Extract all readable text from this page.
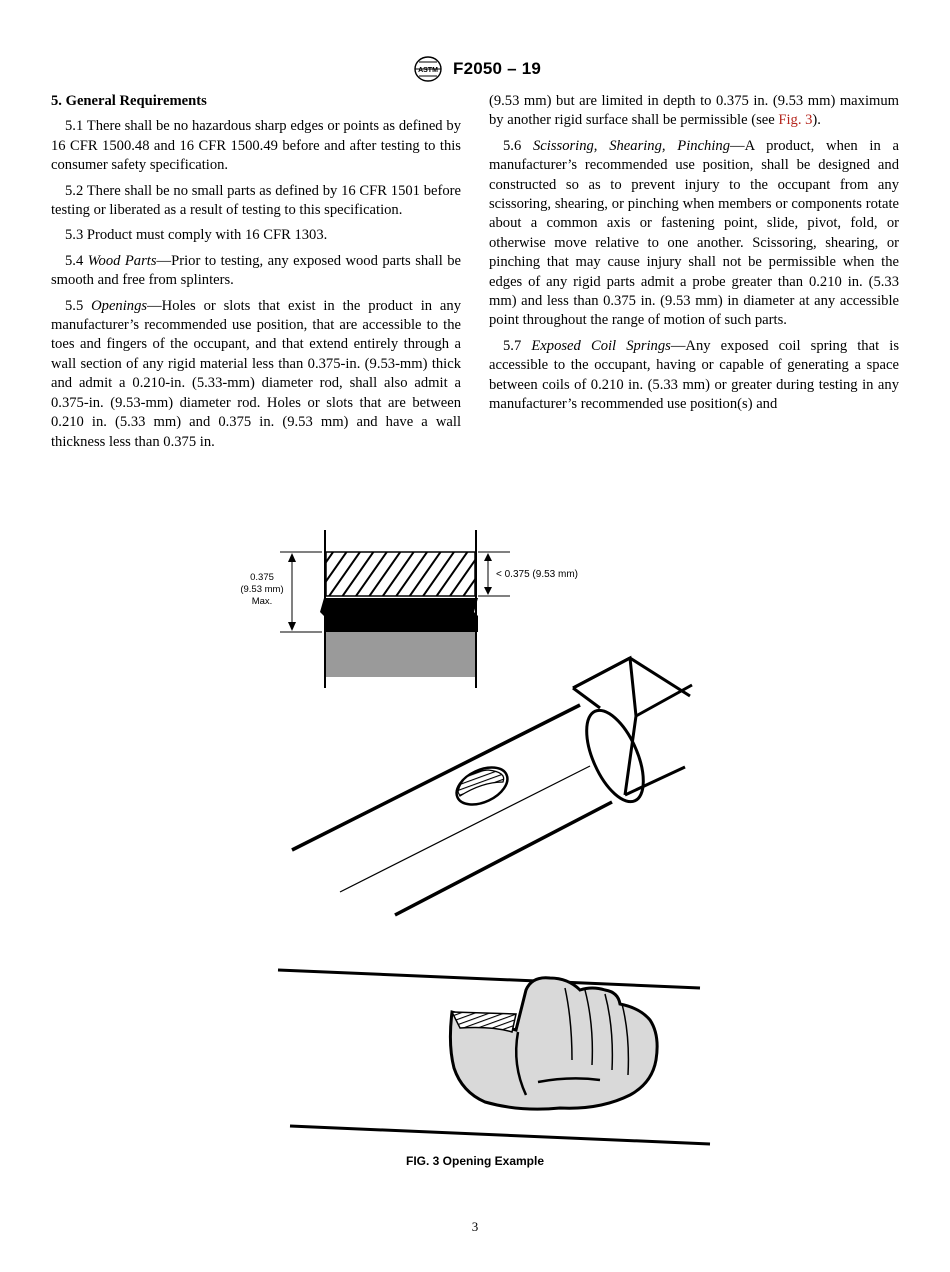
ASTM F2050 – 19
5. General Requirements

5.1 There shall be no hazardous sharp edges or points as defined by 16 CFR 1500.48 and 16 CFR 1500.49 before and after testing to this consumer safety specification.

5.2 There shall be no small parts as defined by 16 CFR 1501 before testing or liberated as a result of testing to this specification.

5.3 Product must comply with 16 CFR 1303.

5.4 Wood Parts—Prior to testing, any exposed wood parts shall be smooth and free from splinters.

5.5 Openings—Holes or slots that exist in the product in any manufacturer’s recommended use position, that are accessible to the toes and fingers of the occupant, and that extend entirely through a wall section of any rigid material less than 0.375-in. (9.53-mm) thick and admit a 0.210-in. (5.33-mm) diameter rod, shall also admit a 0.375-in. (9.53-mm) diameter rod. Holes or slots that are between 0.210 in. (5.33 mm) and 0.375 in. (9.53 mm) and have a wall thickness less than 0.375 in.

(9.53 mm) but are limited in depth to 0.375 in. (9.53 mm) maximum by another rigid surface shall be permissible (see Fig. 3).

5.6 Scissoring, Shearing, Pinching—A product, when in a manufacturer’s recommended use position, shall be designed and constructed so as to prevent injury to the occupant from any scissoring, shearing, or pinching when members or components rotate about a common axis or fastening point, slide, pivot, fold, or otherwise move relative to one another. Scissoring, shearing, or pinching that may cause injury shall not be permissible when the edges of any rigid parts admit a probe greater than 0.210 in. (5.33 mm) and less than 0.375 in. (9.53 mm) in diameter at any accessible point throughout the range of motion of such parts.

5.7 Exposed Coil Springs—Any exposed coil spring that is accessible to the occupant, having or capable of generating a space between coils of 0.210 in. (5.33 mm) or greater during testing in any manufacturer’s recommended use position(s) and

0.375
(9.53 mm)
Max.
< 0.375 (9.53 mm)
FIG. 3 Opening Example
3
